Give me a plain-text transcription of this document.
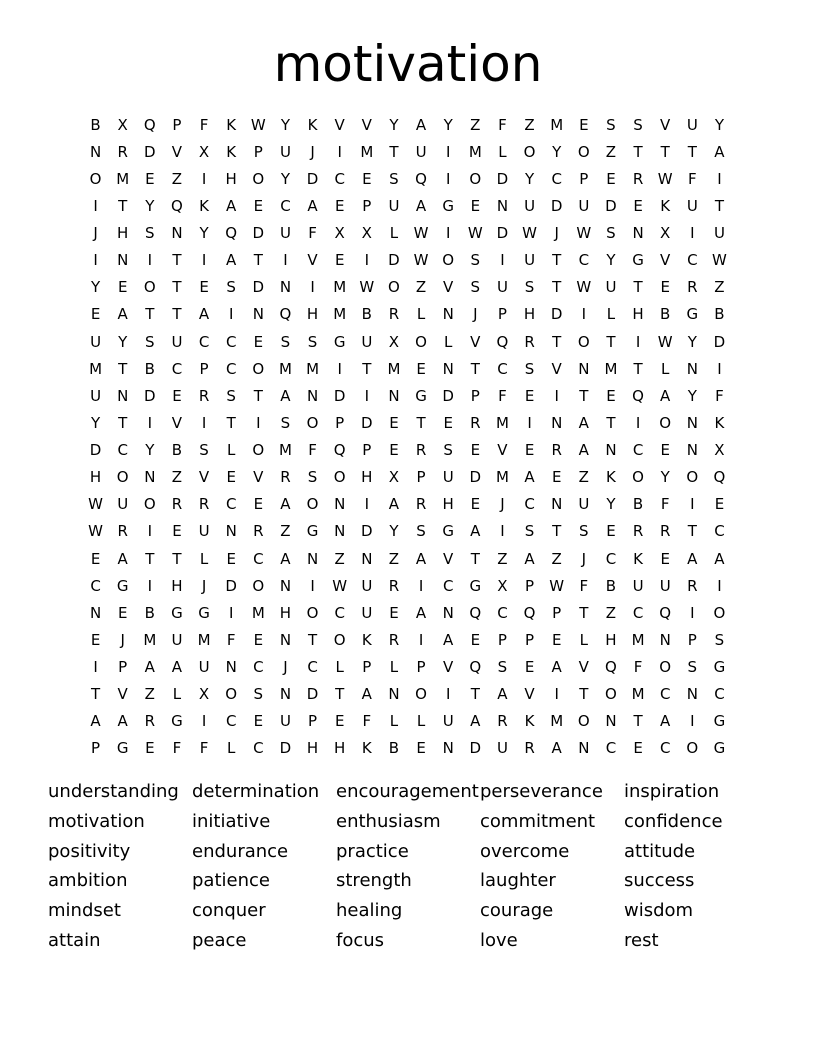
motivation
B	X	Q	P	F	K W	Y	K	V	V	Y	A	Y	Z	F	Z	M	E	S	S	V	U	Y
N	R	D	V	X	K	P	U	J	I	M	T	U	I	M	L	O	Y	O	Z	T	T	T	A
O M	E	Z	I	H	O	Y	D	C	E	S	Q	I	O	D	Y	C	P	E	R W	F	I
I	T	Y	Q	K	A	E	C	A	E	P	U	A	G	E	N	U	D	U	D	E	K	U	T
J	H	S	N	Y	Q	D	U	F	X	X	L	W	I	W D W	J	W S	N	X	I	U
I	N	I	T	I	A	T	I	V	E	I	D W O	S	I	U	T	C	Y	G	V	C W
Y	E	O	T	E	S	D	N	I	M W O	Z	V	S	U	S	T	W U	T	E	R	Z
E	A	T	T	A	I	N	Q	H	M	B	R	L	N	J	P	H	D	I	L	H	B	G	B
U	Y	S	U	C	C	E	S	S	G	U	X	O	L	V	Q	R	T	O	T	I	W	Y	D
M	T	B	C	P	C	O M M	I	T	M	E	N	T	C	S	V	N	M	T	L	N	I
U	N	D	E	R	S	T	A	N	D	I	N	G	D	P	F	E	I	T	E	Q	A	Y	F
Y	T	I	V	I	T	I	S	O	P	D	E	T	E	R	M	I	N	A	T	I	O	N	K
D	C	Y	B	S	L	O M	F	Q	P	E	R	S	E	V	E	R	A	N	C	E	N	X
H	O	N	Z	V	E	V	R	S	O	H	X	P	U	D M	A	E	Z	K	O	Y	O	Q
W U	O	R	R	C	E	A	O	N	I	A	R	H	E	J	C	N	U	Y	B	F	I	E
W R	I	E	U	N	R	Z	G	N	D	Y	S	G	A	I	S	T	S	E	R	R	T	C
E	A	T	T	L	E	C	A	N	Z	N	Z	A	V	T	Z	A	Z	J	C	K	E	A	A
C	G	I	H	J	D	O	N	I	W U	R	I	C	G	X	P	W	F	B	U	U	R	I
N	E	B	G	G	I	M	H	O	C	U	E	A	N	Q	C	Q	P	T	Z	C	Q	I	O
E	J	M	U	M	F	E	N	T	O	K	R	I	A	E	P	P	E	L	H	M	N	P	S
I	P	A	A	U	N	C	J	C	L	P	L	P	V	Q	S	E	A	V	Q	F	O	S	G
T	V	Z	L	X	O	S	N	D	T	A	N	O	I	T	A	V	I	T	O M	C	N	C
A	A	R	G	I	C	E	U	P	E	F	L	L	U	A	R	K	M O	N	T	A	I	G
P	G	E	F	F	L	C	D	H	H	K	B	E	N	D	U	R	A	N	C	E	C	O	G
understanding determination encouragement perseverance	inspiration
motivation	initiative	enthusiasm	commitment	confidence
positivity	endurance	practice	overcome	attitude
ambition	patience	strength	laughter	success
mindset	conquer	healing	courage	wisdom
attain	peace	focus	love	rest
